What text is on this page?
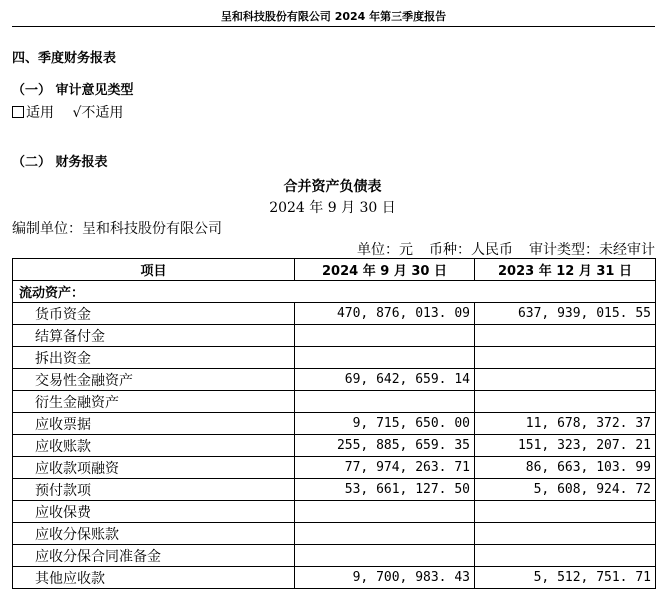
呈和科技股份有限公司 2024 年第三季度报告
四、季度财务报表
（一） 审计意见类型
适用 √不适用
（二） 财务报表
合并资产负债表
2024 年 9 月 30 日
编制单位：呈和科技股份有限公司
单位：元 币种：人民币 审计类型：未经审计
项目	2024 年 9 月 30 日	2023 年 12 月 31 日
流动资产：		
货币资金	470, 876, 013. 09	637, 939, 015. 55
结算备付金		
拆出资金		
交易性金融资产	69, 642, 659. 14	
衍生金融资产		
应收票据	9, 715, 650. 00	11, 678, 372. 37
应收账款	255, 885, 659. 35	151, 323, 207. 21
应收款项融资	77, 974, 263. 71	86, 663, 103. 99
预付款项	53, 661, 127. 50	5, 608, 924. 72
应收保费		
应收分保账款		
应收分保合同准备金		
其他应收款	9, 700, 983. 43	5, 512, 751. 71
